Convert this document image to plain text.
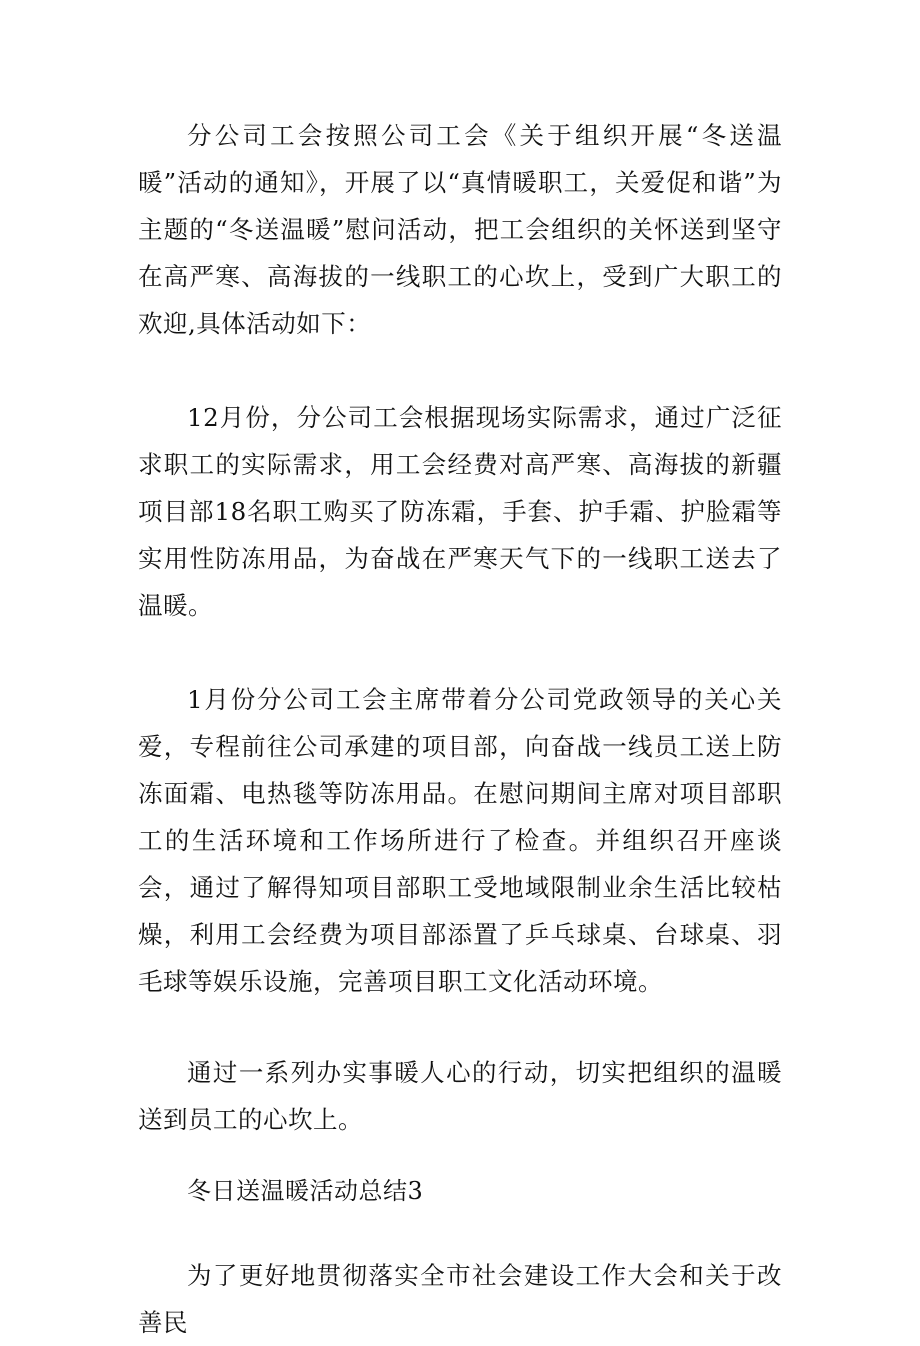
分公司工会按照公司工会《关于组织开展“冬送温暖”活动的通知》，开展了以“真情暖职工，关爱促和谐”为主题的“冬送温暖”慰问活动，把工会组织的关怀送到坚守在高严寒、高海拔的一线职工的心坎上，受到广大职工的欢迎,具体活动如下：

12月份，分公司工会根据现场实际需求，通过广泛征求职工的实际需求，用工会经费对高严寒、高海拔的新疆项目部18名职工购买了防冻霜，手套、护手霜、护脸霜等实用性防冻用品，为奋战在严寒天气下的一线职工送去了温暖。

1月份分公司工会主席带着分公司党政领导的关心关爱，专程前往公司承建的项目部，向奋战一线员工送上防冻面霜、电热毯等防冻用品。在慰问期间主席对项目部职工的生活环境和工作场所进行了检查。并组织召开座谈会，通过了解得知项目部职工受地域限制业余生活比较枯燥，利用工会经费为项目部添置了乒乓球桌、台球桌、羽毛球等娱乐设施，完善项目职工文化活动环境。

通过一系列办实事暖人心的行动，切实把组织的温暖送到员工的心坎上。

冬日送温暖活动总结3

为了更好地贯彻落实全市社会建设工作大会和关于改善民
